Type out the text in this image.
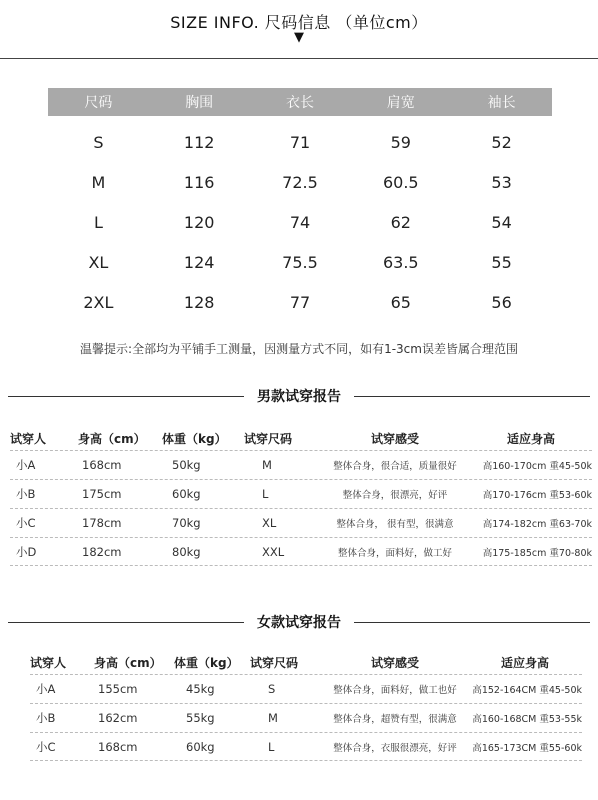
SIZE INFO. 尺码信息 （单位cm）
▼
尺码	胸围	衣长	肩宽	袖长
S	112	71	59	52
M	116	72.5	60.5	53
L	120	74	62	54
XL	124	75.5	63.5	55
2XL	128	77	65	56
温馨提示:全部均为平铺手工测量，因测量方式不同，如有1-3cm误差皆属合理范围
男款试穿报告
试穿人	身高（cm）	体重（kg）	试穿尺码	试穿感受	适应身高
小A	168cm	50kg	M	整体合身，很合适，质量很好	高160-170cm 重45-50k
小B	175cm	60kg	L	整体合身，很漂亮，好评	高170-176cm 重53-60k
小C	178cm	70kg	XL	整体合身， 很有型，很满意	高174-182cm 重63-70k
小D	182cm	80kg	XXL	整体合身，面料好，做工好	高175-185cm 重70-80k
女款试穿报告
试穿人	身高（cm）	体重（kg） 试穿尺码	试穿感受	适应身高
小A	155cm	45kg	S	整体合身，面料好，做工也好	高152-164CM 重45-50k
小B	162cm	55kg	M	整体合身，超赞有型，很满意	高160-168CM 重53-55k
小C	168cm	60kg	L	整体合身，衣服很漂亮，好评	高165-173CM 重55-60k
